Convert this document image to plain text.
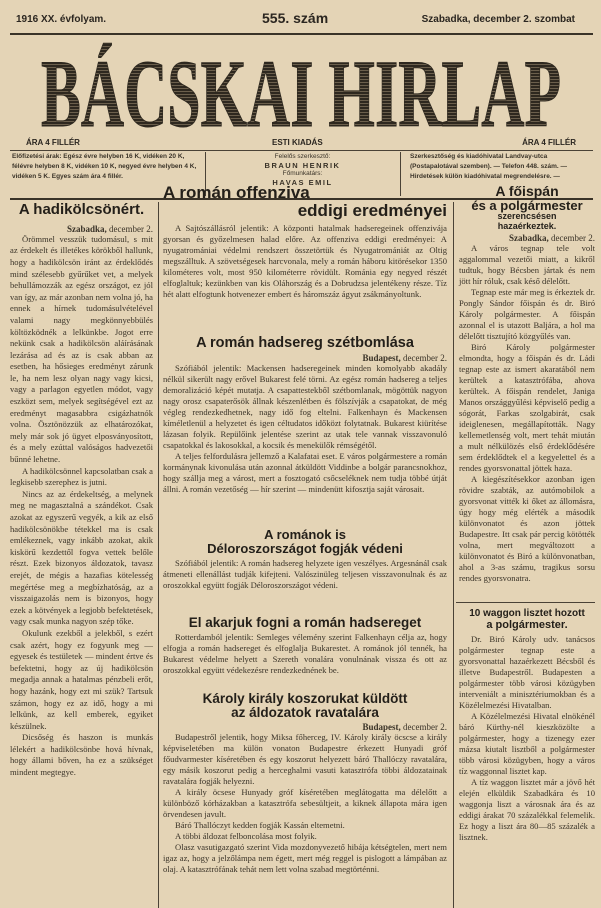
1916 XX. évfolyam.	555. szám	Szabadka, december 2. szombat
BÁCSKAI HIRLAP
ÁRA 4 FILLÉR	ESTI KIADÁS	ÁRA 4 FILLÉR
Előfizetési árak: Egész évre helyben 16 K, vidéken 20 K, félévre helyben 8 K, vidéken 10 K, negyed évre helyben 4 K, vidéken 5 K. Egyes szám ára 4 fillér.
Felelős szerkesztő:
BRAUN HENRIK
Főmunkatárs:
HAVAS EMIL
Szerkesztőség és kiadóhivatal Landvay-utca (Postapalotával szemben). — Telefon 448. szám. — Hirdetések külön kiadóhivatal megrendelésre. —
A hadikölcsönért.
Szabadka, december 2.

Örömmel vesszük tudomásul, s mit az érdekelt és illetékes körökből hallunk, hogy a hadikölcsön iránt az érdeklődés mind szélesebb gyűrűket vet, a melyek behullámozzák az egész országot, ez jól van így, az már azonban nem volna jó, ha ennek a hírnek tudomásulvételével valami nagy megkönnyebbülés költözködnék a lelkünkbe. Jogot erre nekünk csak a hadikölcsön aláírásának lezárása ad és az is csak abban az esetben, ha hősieges eredményt zárunk le, ha nem lesz olyan nagy vagy kicsi, vagy a parlagon egyetlen módot, vagy eszközt sem, melyek segítségével ezt az eredményt magasabbra csigázhatnók volna. Ösztönözzük az elhatározókat, mely már sok jó ügyet elposványosított, és a mely ezúttal valóságos hadvezetői bűnné lehetne.

A hadikölcsönnel kapcsolatban csak a legkisebb szerephez is jutni.

Nincs az az érdekeltség, a melynek meg ne magasztalná a szándékot. Csak azokat az egyszerű vegyék, a kik az első hadikölcsönökbe tétekkel ma is csak emlékeznek, vagy inkább azokat, akik kiskörű kezdettől fogva vettek belőle részt. Ezek bizonyos áldozatok, tavasz erejét, de mégis a hazafias kötelesség megértése meg a megbízhatóság, az a visszaigazolás nem is bizonyos, hogy ezek a kötvények a legjobb befektetések, vagy csak munka nagyon szép tőke.

Okulunk ezekből a jelekből, s ezért csak azért, hogy ez fogyunk meg — egyesek és testületek — mindent értve és befektetni, hogy az új hadikölcsön megadja annak a hatalmas pénzbeli erőt, hogy hazánk, hogy ezt mi szük? Tartsuk számon, hogy ez az idő, hogy a mi lelkünk, az kell emberek, egyiket készülnek.

Dicsőség és haszon is munkás lélekért a hadikölcsönbe hová hívnak, hogy állami bőven, ha ez a szükséget mindent megtegye.

A román offenziva
eddigi eredményei

A Sajtószállásról jelentik: A központi hatalmak hadseregeinek offenzivája gyorsan és győzelmesen halad előre. Az offenziva eddigi eredményei: A nyugatromániai védelmi rendszert összetörtük és Nyugatromániát az Oltig megszálltuk. A szövetségesek harcvonala, mely a román háboru kitörésekor 1350 kilométeres volt, most 950 kilométerre rövidült. Románia egy negyed részét elfoglaltuk; kezünkben van kis Oláhország és a Dobrudzsa jelentékeny része. Tíz hét alatt elfogtunk hotvenezer embert és háromszáz ágyut zsákmányoltunk.

A román hadsereg szétbomlása
Budapest, december 2.

Szófiából jelentik: Mackensen hadseregeinek minden komolyabb akadály nélkül sikerült nagy erővel Bukarest felé törni. Az egész román hadsereg a teljes demoralizáció képét mutatja. A csapattestekből szétbomlanak, mögöttük nagyon nagy orosz csapaterősök állnak készenlétben és fölszívják a csapatokat, de még végleg rendezkedhetnek, nagy idő fog eltelni. Falkenhayn és Mackensen kíméletlenül a helyzetet és igen céltudatos időközt folytatnak. Bukarest kiürítése lázasan folyik. Repülőink jelentése szerint az utak tele vannak visszavonuló csapatokkal és lakosokkal, a kocsik és menekülők rémségétől.

A teljes felfordulásra jellemző a Kalafatai eset. E város polgármestere a román kormánynak kivonulása után azonnal átküldött Viddinbe a bolgár parancsnokhoz, hogy szállja meg a várost, mert a fosztogató csőcseléknek nem tudja többé útját állni. A román vezetőség — hír szerint — mindenütt kifosztja saját városait.

A románok is
Déloroszországot fogják védeni

Szófiából jelentik: A román hadsereg helyzete igen veszélyes. Argesnánál csak átmeneti ellenállást tudják kifejteni. Valószinüleg teljesen visszavonulnak és az oroszokkal együtt fogják Déloroszországot védeni.

El akarjuk fogni a román hadsereget

Rotterdamból jelentik: Semleges vélemény szerint Falkenhayn célja az, hogy elfogja a román hadsereget és elfoglalja Bukarestet. A románok jól tennék, ha Bukarest védelme helyett a Szereth vonalára vonulnának vissza és ott az oroszokkal együtt védekezésre rendezkednének be.

Károly király koszorukat küldött
az áldozatok ravatalára
Budapest, december 2.

Budapestről jelentik, hogy Miksa főherceg, IV. Károly király öcscse a király képviseletében ma külön vonaton Budapestre érkezett Hunyadi gróf főudvarmester kíséretében és egy koszorut helyezett báró Thallóczy ravatalára, egy másik koszorut pedig a herceghalmi vasuti katasztrófa többi áldozatainak ravatalára fogják helyezni.

A király öcsese Hunyady gróf kíséretében meglátogatta ma délelőtt a különböző kórházakban a katasztrófa sebesültjeit, a kiknek állapota mára igen örvendesen javult.

Báró Thallóczyt kedden fogják Kassán eltemetni.

A többi áldozat felboncolása most folyik.

Olasz vasutigazgató szerint Vida mozdonyvezető hibája kétségtelen, mert nem igaz az, hogy a jelzőlámpa nem égett, mert még reggel is pislogott a lámpában az olaj. A katasztrófának tehát nem lett volna szabad megtörténni.

A főispán
és a polgármester
szerencsésen
hazaérkeztek.
Szabadka, december 2.

A város tegnap tele volt aggalommal vezetői miatt, a kikről tudtuk, hogy Bécsben jártak és nem jött hír róluk, csak késő délelőtt.

Tegnap este már meg is érkeztek dr. Pongly Sándor főispán és dr. Biró Károly polgármester. A főispán azonnal el is utazott Baljára, a hol ma délelőtt tisztujító közgyűlés van.

Biró Károly polgármester elmondta, hogy a főispán és dr. Ládi tegnap este az ismert akaratából nem kerültek a katasztrófába, ahova kerültek. A főispán rendelet, Janiga Manos országgyűlési képviselő pedig a sógorát, Farkas szolgabirát, csak ideiglenesen, megállapították. Nagy kellemetlenség volt, mert tehát miután a mult nélkülözés első érdeklődésére sem érdeklődtek el a kegyelettel és a rendes gyorsvonattal jöttek haza.

A kiegészítésekkor azonban igen rövidre szabták, az autómobilok a gyorsvonat vitték ki őket az állomásra, úgy hogy még elérték a második különvonatot és azon jöttek Budapestre. Itt csak pár percig kötötték volna, mert megváltozott a különvonatot és Biró a különvonatban, ahol a 3-as számu, tragikus sorsu rendes gyorsvonatra.

10 waggon lisztet hozott
a polgármester.

Dr. Biró Károly udv. tanácsos polgármester tegnap este a gyorsvonattal hazaérkezett Bécsből és illetve Budapestről. Budapesten a polgármester több városi közügyben interveniált a minisztériumokban és a Közélelmezési Hivatalban.

A Közélelmezési Hivatal elnökénél báró Kürthy-nél kieszközölte a polgármester, hogy a tizenegy ezer mázsa kiutalt lisztből a polgármester több városi közügyben, hogy a város tíz waggonnal lisztet kap.

A tíz waggon lisztet már a jövő hét elején elküldik Szabadkára és 10 waggonja liszt a városnak ára és az eddigi árakat 70 százalékkal felemelik. Ez hogy a liszt ára 80—85 százalék a lisztnek.
